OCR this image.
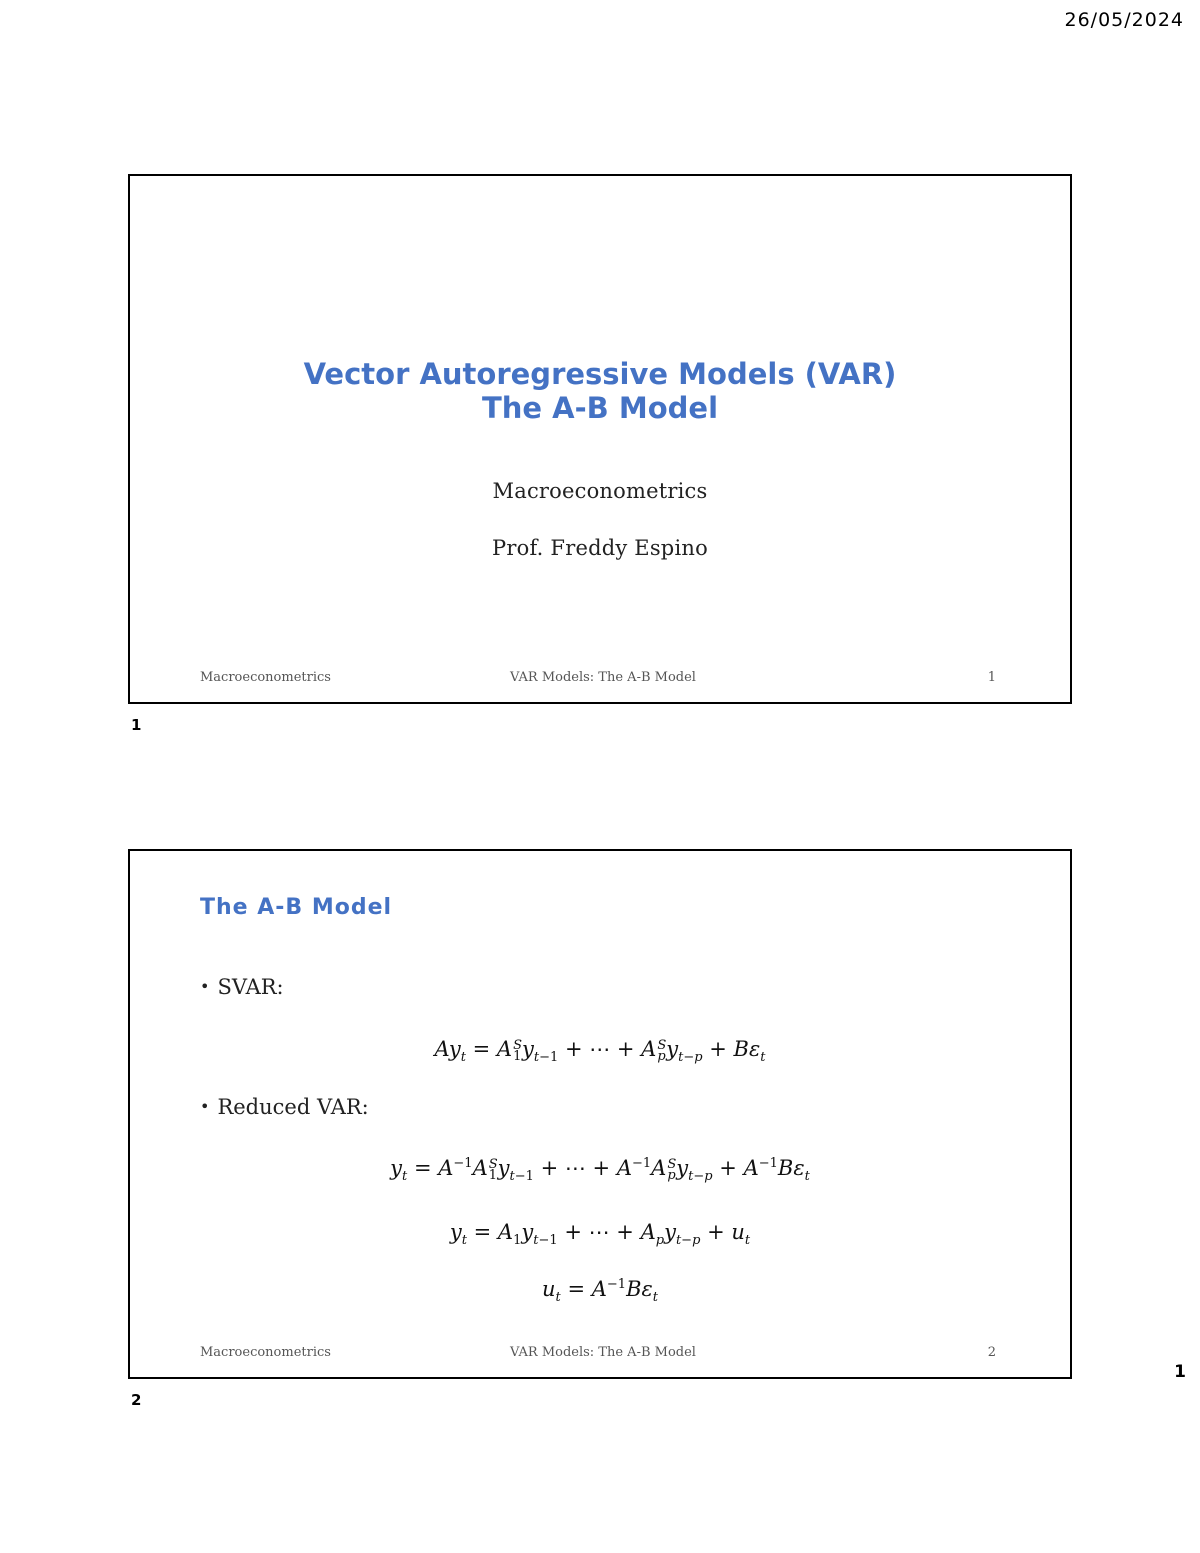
26/05/2024
Vector Autoregressive Models (VAR)
The A-B Model
Macroeconometrics
Prof. Freddy Espino
Macroeconometrics	VAR Models: The A-B Model	1
1
The A-B Model
• SVAR:
$Ay_t = A$ S
1 $y_{t-1}$ + ⋯ + A S
p $y_{t-p} + B\varepsilon_t$
• Reduced VAR:
$y_t = A^{-1}A$ S
1 $y_{t-1}$ + ⋯ + $A^{-1}A$ S
p $y_{t-p} + A^{-1}B\varepsilon_t$
$y_t = A_1y_{t-1}$ + ⋯ + $A_py_{t-p} + u_t$
$u_t = A^{-1}B\varepsilon_t$
Macroeconometrics	VAR Models: The A-B Model	2
2
1
